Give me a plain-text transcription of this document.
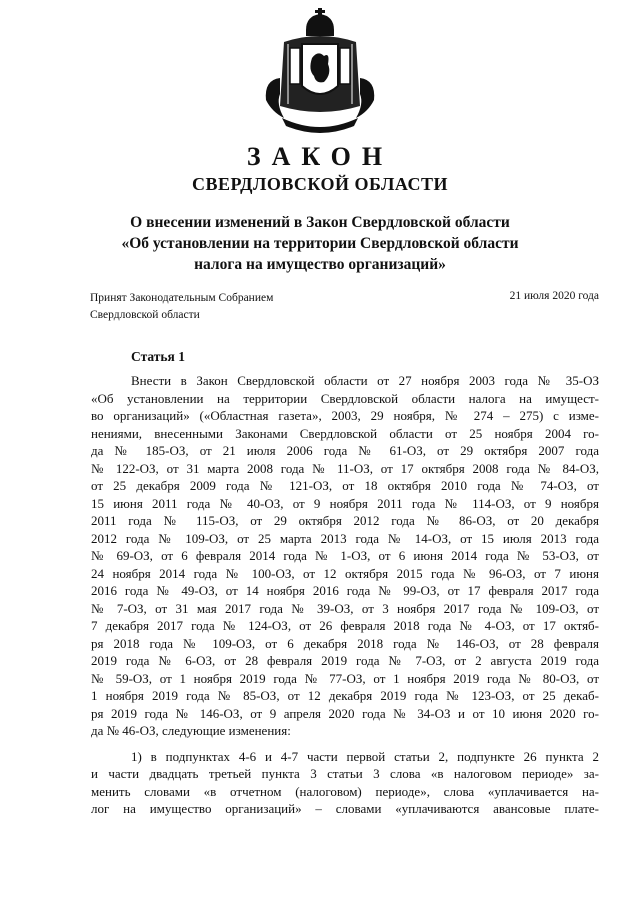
ЗАКОН
СВЕРДЛОВСКОЙ ОБЛАСТИ
О внесении изменений в Закон Свердловской области
«Об установлении на территории Свердловской области
налога на имущество организаций»
Принят Законодательным Собранием
Свердловской области
21 июля 2020 года
Статья 1
Внести в Закон Свердловской области от 27 ноября 2003 года № 35-ОЗ
«Об установлении на территории Свердловской области налога на имущест-
во организаций» («Областная газета», 2003, 29 ноября, № 274 – 275) с изме-
нениями, внесенными Законами Свердловской области от 25 ноября 2004 го-
да № 185-ОЗ, от 21 июля 2006 года № 61-ОЗ, от 29 октября 2007 года
№ 122-ОЗ, от 31 марта 2008 года № 11-ОЗ, от 17 октября 2008 года № 84-ОЗ,
от 25 декабря 2009 года № 121-ОЗ, от 18 октября 2010 года № 74-ОЗ, от
15 июня 2011 года № 40-ОЗ, от 9 ноября 2011 года № 114-ОЗ, от 9 ноября
2011 года № 115-ОЗ, от 29 октября 2012 года № 86-ОЗ, от 20 декабря
2012 года № 109-ОЗ, от 25 марта 2013 года № 14-ОЗ, от 15 июля 2013 года
№ 69-ОЗ, от 6 февраля 2014 года № 1-ОЗ, от 6 июня 2014 года № 53-ОЗ, от
24 ноября 2014 года № 100-ОЗ, от 12 октября 2015 года № 96-ОЗ, от 7 июня
2016 года № 49-ОЗ, от 14 ноября 2016 года № 99-ОЗ, от 17 февраля 2017 года
№ 7-ОЗ, от 31 мая 2017 года № 39-ОЗ, от 3 ноября 2017 года № 109-ОЗ, от
7 декабря 2017 года № 124-ОЗ, от 26 февраля 2018 года № 4-ОЗ, от 17 октяб-
ря 2018 года № 109-ОЗ, от 6 декабря 2018 года № 146-ОЗ, от 28 февраля
2019 года № 6-ОЗ, от 28 февраля 2019 года № 7-ОЗ, от 2 августа 2019 года
№ 59-ОЗ, от 1 ноября 2019 года № 77-ОЗ, от 1 ноября 2019 года № 80-ОЗ, от
1 ноября 2019 года № 85-ОЗ, от 12 декабря 2019 года № 123-ОЗ, от 25 декаб-
ря 2019 года № 146-ОЗ, от 9 апреля 2020 года № 34-ОЗ и от 10 июня 2020 го-
да № 46-ОЗ, следующие изменения:
1) в подпунктах 4-6 и 4-7 части первой статьи 2, подпункте 26 пункта 2
и части двадцать третьей пункта 3 статьи 3 слова «в налоговом периоде» за-
менить словами «в отчетном (налоговом) периоде», слова «уплачивается на-
лог на имущество организаций» – словами «уплачиваются авансовые плате-
